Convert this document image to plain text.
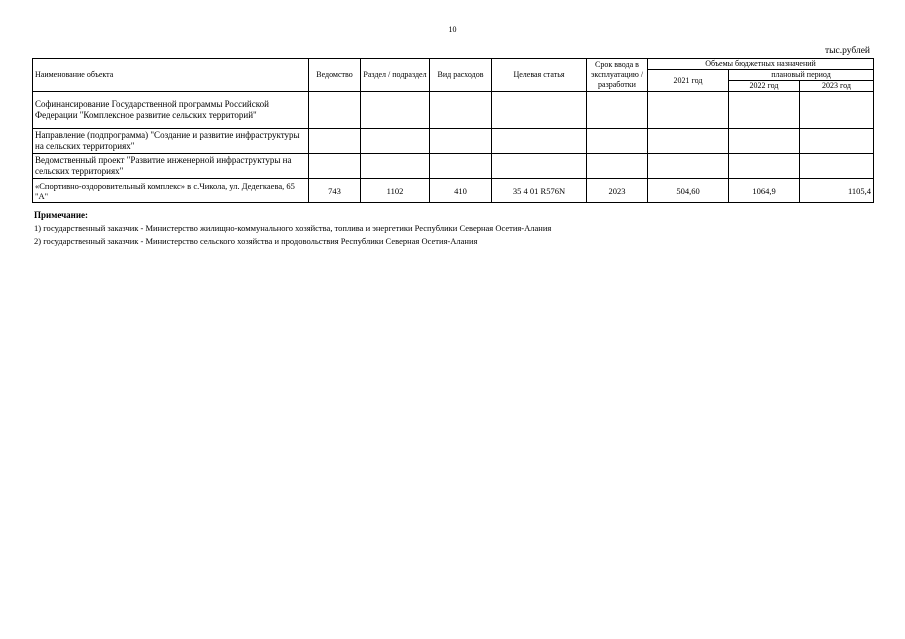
10
тыс.рублей
Наименование объекта	Ведомство	Раздел / подраздел	Вид расходов	Целевая статья	Срок ввода в эксплуатацию / разработки	Объемы бюджетных назначений		
						2021 год	плановый период	
							2022 год	2023 год
Софинансирование Государственной программы Российской Федерации "Комплексное развитие сельских территорий"								
Направление (подпрограмма) "Создание и развитие инфраструктуры на сельских территориях"								
Ведомственный проект "Развитие инженерной инфраструктуры на сельских территориях"								
«Спортивно-оздоровительный комплекс» в с.Чикола, ул. Дедегкаева, 65 "А"	743	1102	410	35 4 01 R576N	2023	504,60	1064,9	1105,4
Примечание:
1) государственный заказчик - Министерство жилищно-коммунального хозяйства, топлива и энергетики Республики Северная Осетия-Алания
2) государственный заказчик - Министерство сельского хозяйства и продовольствия Республики Северная Осетия-Алания
